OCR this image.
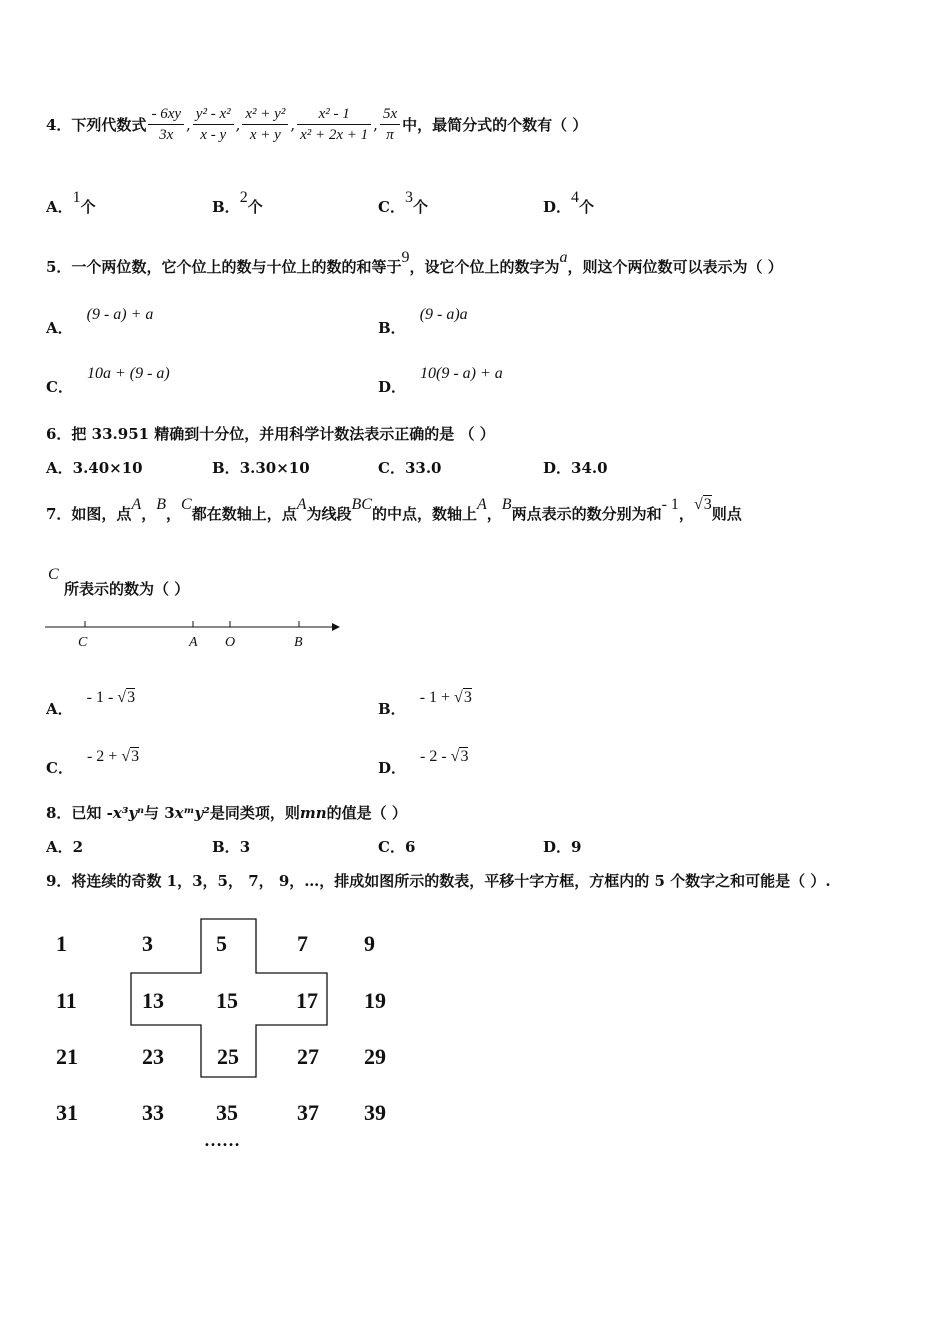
4．下列代数式 $\frac{- 6xy}{3x}$ , $\frac{\text{y² - x²}}{x - y}$ , $\frac{\text{x² + y²}}{x + y}$ , $\frac{\text{x² - 1}}{\text{x² + 2x + 1}}$ , $\frac{5x}{\pi}$ 中，最简分式的个数有（ ）
A．1个	B．2个	C．3个	D．4个
5．一个两位数，它个位上的数与十位上的数的和等于9，设它个位上的数字为a，则这个两位数可以表示为（ ）
A．(9 - a) + a
B．(9 - a)a
C．10a + (9 - a)
D．10(9 - a) + a
6．把 33.951 精确到十分位，并用科学计数法表示正确的是 （ ）
A．3.40×10	B．3.30×10	C．33.0	D．34.0
7．如图，点A，B，C都在数轴上，点A为线段BC的中点，数轴上A，B两点表示的数分别为和- 1，√3则点
C
所表示的数为（ ）
C	A O	B
A．- 1 - √3
B．- 1 + √3
C．- 2 + √3
D．- 2 - √3
8．已知 -x³yⁿ与 3xᵐy²是同类项，则mn的值是（ ）
A．2	B．3	C．6	D．9
9．将连续的奇数 1，3，5， 7， 9，…，排成如图所示的数表，平移十字方框，方框内的 5 个数字之和可能是（ ）.
1	3	5	7	9
11	13 15	17 19
21	23 25	27 29
31	33 35	37 39
……
